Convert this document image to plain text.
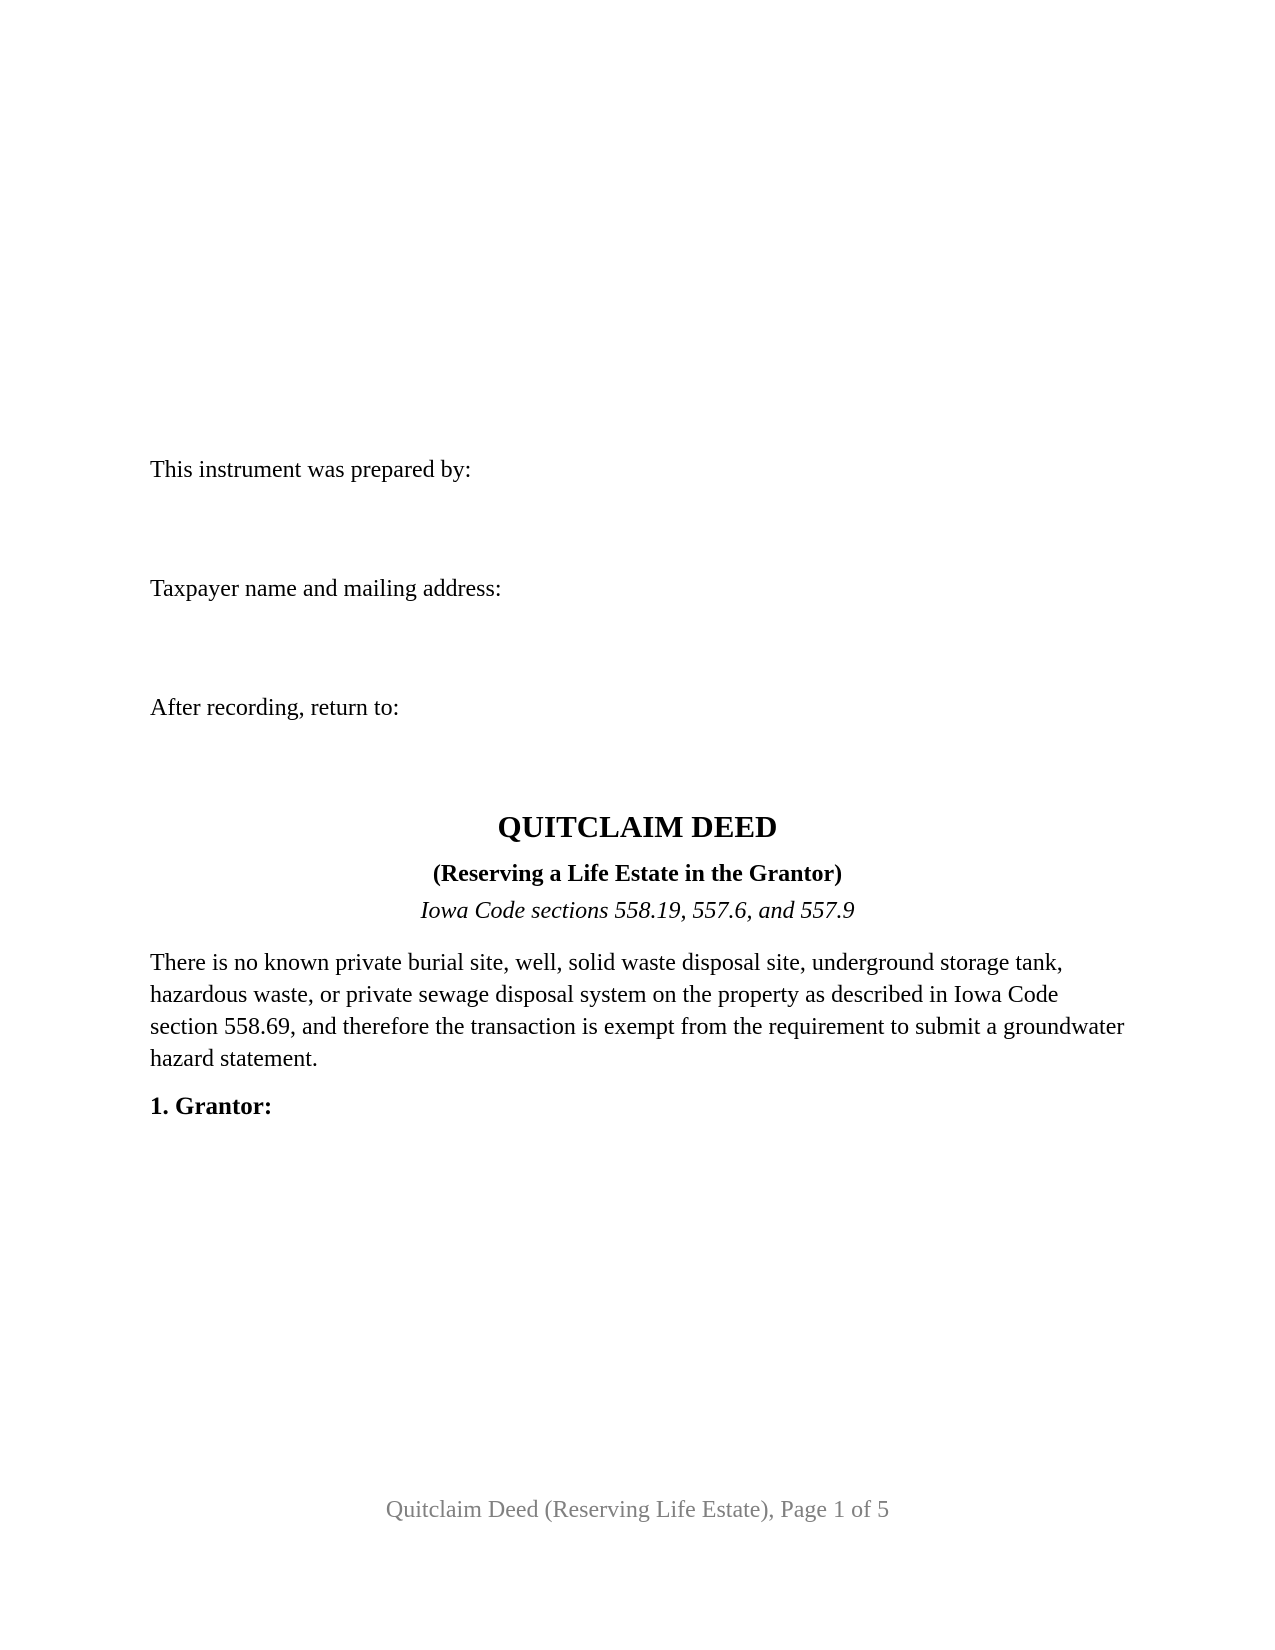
This instrument was prepared by:
Taxpayer name and mailing address:
After recording, return to:
QUITCLAIM DEED
(Reserving a Life Estate in the Grantor)
Iowa Code sections 558.19, 557.6, and 557.9
There is no known private burial site, well, solid waste disposal site, underground storage tank, hazardous waste, or private sewage disposal system on the property as described in Iowa Code section 558.69, and therefore the transaction is exempt from the requirement to submit a groundwater hazard statement.
1. Grantor:
Quitclaim Deed (Reserving Life Estate), Page 1 of 5
